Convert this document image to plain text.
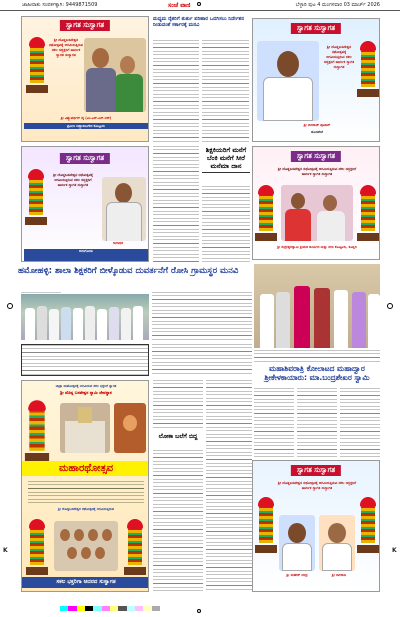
ಜಾಹೀರಾತು ಸಂಪರ್ಕಕ್ಕಾಗಿ: 9449871509	ಸಂಜೆ ವಾಣಿ	ಬೆಳ್ಳಾರಿ ಪುಟ 4 ಮಂಗಳವಾರ 03 ಮಾರ್ಚ್ 2026
ಸ್ವಾಗತ ಸುಸ್ವಾಗತ
ಶ್ರೀ ದೊಡ್ಡಬಸವೇಶ್ವರ ರಥೋತ್ಸವಕ್ಕೆ ಆಗಮಿಸುತ್ತಿರುವ ಸಕಲ ಸದ್ಭಕ್ತರಿಗೆ ಹಾರ್ದಿಕ ಸ್ವಾಗತ ಸುಸ್ವಾಗತ
ಶ್ರೀ ವಿಷ್ಣುವರ್ಧನ್ ವೈ (ಎಂ.ಎಸ್.ಎನ್.ಆರ್)
ಪ್ರವೀಣ ಅಣ್ಣಾಸಾಬಗೇರ ಕೊಟ್ಟೂರು
ಸ್ವಾಗತ ಸುಸ್ವಾಗತ
ಶ್ರೀ ದೊಡ್ಡಬಸವೇಶ್ವರ ರಥೋತ್ಸವಕ್ಕೆ ಆಗಮಿಸುತ್ತಿರುವ ಸಕಲ ಸದ್ಭಕ್ತರಿಗೆ ಹಾರ್ದಿಕ ಸ್ವಾಗತ ಸುಸ್ವಾಗತ
ಗಂಗಾಧರ
ಕುರುಗೋಡು
ಹಮೋಹಳ್ಳಿ: ಶಾಲಾ ಶಿಕ್ಷಕರಿಗೆ ಬೀಳ್ಕೊಡುವ ದುವರ್ತನೆಗೆ ರೋಸಿ ಗ್ರಾಮಸ್ಥರ ಮನವಿ
ಜಾತ್ರಾ ಮಹೋತ್ಸವಕ್ಕೆ ಆಗಮಿಸುವ ಸಕಲ ಭಕ್ತರಿಗೆ ಸ್ವಾಗತ
ಶ್ರೀ ದೊಡ್ಡ ಬಸವೇಶ್ವರ ಸ್ವಾಮಿ ದೇವಸ್ಥಾನ
ಮಹಾರಥೋತ್ಸವ
ಶ್ರೀ ದೊಡ್ಡಬಸವೇಶ್ವರ ರಥೋತ್ಸವಕ್ಕೆ ಆಗಮಿಸುತ್ತಿರುವ
ಸಕಲ ಭಕ್ತರಿಗಾ ಆದರದ ಸುಸ್ವಾಗತ
ಮಧ್ಯಮ ರೈತರಿಗೆ ತುರ್ತು ಪರಿಹಾರ ಒದಗಿಸಲು ನಿರ್ದೇಶನ ನೀಡುವಂತೆ ಸರ್ಕಾರಕ್ಕೆ ಮನವಿ
ಶಿಕ್ಷಕಿಯರಿಗೆ ಮನೆಗೆ ಬೆಂಕಿ ಮನೆಗೆ ಸೀರೆ ಮನೆಮಾ ದಾನ
ಲೋಕಾ ಬಲೆಗೆ ಬಿದ್ದ
ಸ್ವಾಗತ ಸುಸ್ವಾಗತ
ಶ್ರೀ ದೊಡ್ಡಬಸವೇಶ್ವರ ರಥೋತ್ಸವಕ್ಕೆ ಆಗಮಿಸುತ್ತಿರುವ ಸಕಲ ಸದ್ಭಕ್ತರಿಗೆ ಹಾರ್ದಿಕ ಸ್ವಾಗತ ಸುಸ್ವಾಗತ
ಶ್ರೀ ನಾಗರಾಜ್ ಪೂಜಾರ್
ಹೊಸಪೇಟೆ
ಸ್ವಾಗತ ಸುಸ್ವಾಗತ
ಶ್ರೀ ದೊಡ್ಡಬಸವೇಶ್ವರ ರಥೋತ್ಸವಕ್ಕೆ ಆಗಮಿಸುತ್ತಿರುವ ಸಕಲ ಸದ್ಭಕ್ತರಿಗೆ ಹಾರ್ದಿಕ ಸ್ವಾಗತ ಸುಸ್ವಾಗತ
ಶ್ರೀ ರುದ್ರೇಶ್ವರಸ್ವಾಮಿ ಶ್ರೀಮಠ ಕಾರ್ಯದ ಮತ್ತು ನಗರಿ ಕೊಟ್ಟೂರು, ಕೂಡ್ಲಿಗಿ
ಮಹಾಶಿವರಾತ್ರಿ ಕೋಲಾಟದ ಮಹಾದ್ವಾರ ಶ್ರೀಕೇಳಕಾಯಾರು: ಮಾ.ಬಂದ್ರಶೇಖರ ಸ್ವಾಮಿ
ಸ್ವಾಗತ ಸುಸ್ವಾಗತ
ಶ್ರೀ ದೊಡ್ಡಬಸವೇಶ್ವರ ರಥೋತ್ಸವಕ್ಕೆ ಆಗಮಿಸುತ್ತಿರುವ ಸಕಲ ಸದ್ಭಕ್ತರಿಗೆ ಹಾರ್ದಿಕ ಸ್ವಾಗತ ಸುಸ್ವಾಗತ
ಶ್ರೀ ಮಹೇಶ್ ಚಂದ್ರ	ಶ್ರೀ ನಾಗರಾಜ
K	K
